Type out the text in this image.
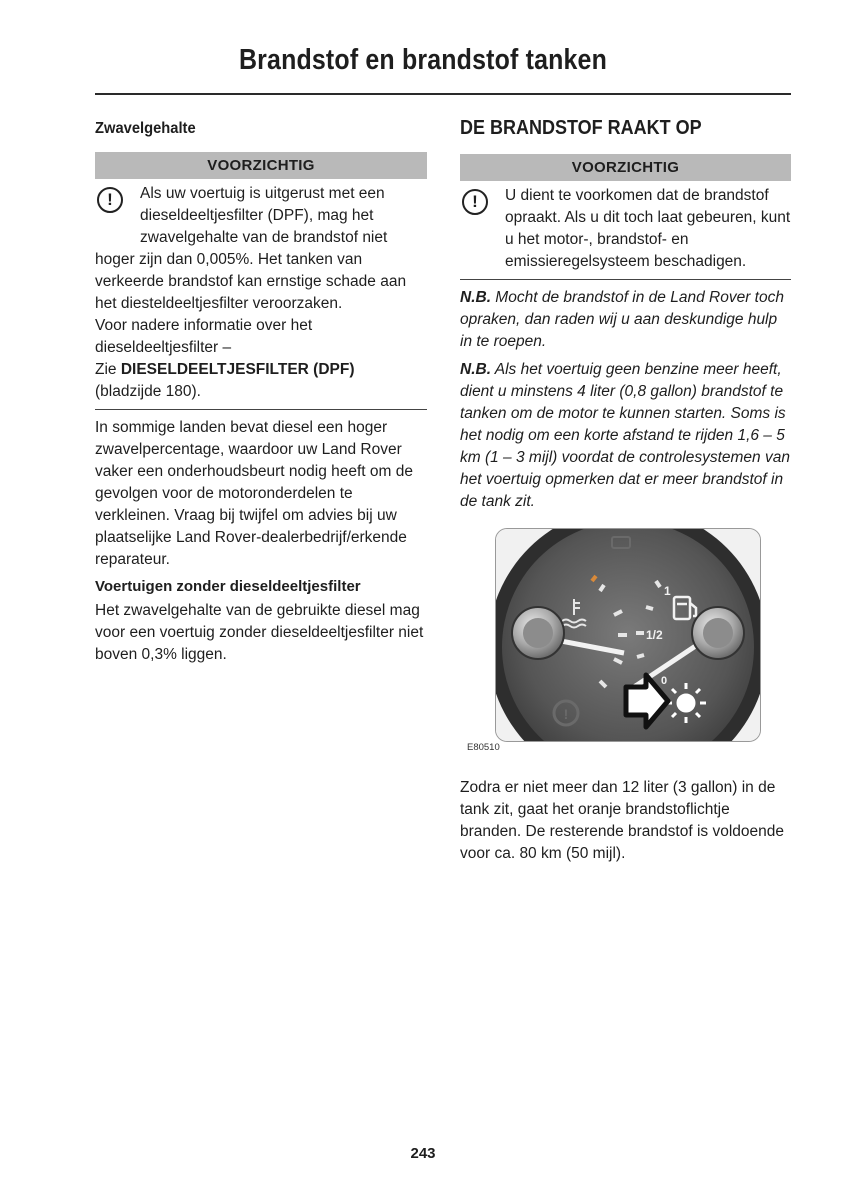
Brandstof en brandstof tanken
Zwavelgehalte
VOORZICHTIG
!	Als uw voertuig is uitgerust met een
dieseldeeltjesfilter (DPF), mag het
zwavelgehalte van de brandstof niet

hoger zijn dan 0,005%. Het tanken van verkeerde brandstof kan ernstige schade aan het diesteldeeltjesfilter veroorzaken.

Voor nadere informatie over het dieseldeeltjesfilter –

Zie DIESELDEELTJESFILTER (DPF)
(bladzijde 180).

In sommige landen bevat diesel een hoger zwavelpercentage, waardoor uw Land Rover vaker een onderhoudsbeurt nodig heeft om de gevolgen voor de motoronderdelen te verkleinen. Vraag bij twijfel om advies bij uw plaatselijke Land Rover-dealerbedrijf/erkende reparateur.

Voertuigen zonder dieseldeeltjesfilter

Het zwavelgehalte van de gebruikte diesel mag voor een voertuig zonder dieseldeeltjesfilter niet boven 0,3% liggen.

DE BRANDSTOF RAAKT OP
VOORZICHTIG
!	U dient te voorkomen dat de brandstof opraakt. Als u dit toch laat gebeuren, kunt u het motor-, brandstof- en emissieregelsysteem beschadigen.

N.B. Mocht de brandstof in de Land Rover toch opraken, dan raden wij u aan deskundige hulp in te roepen.

N.B. Als het voertuig geen benzine meer heeft, dient u minstens 4 liter (0,8 gallon) brandstof te tanken om de motor te kunnen starten. Soms is het nodig om een korte afstand te rijden 1,6 – 5 km (1 – 3 mijl) voordat de controlesystemen van het voertuig opmerken dat er meer brandstof in de tank zit.

!
1
1/2
0
E80510

Zodra er niet meer dan 12 liter (3 gallon) in de tank zit, gaat het oranje brandstoflichtje branden. De resterende brandstof is voldoende voor ca. 80 km (50 mijl).

243
